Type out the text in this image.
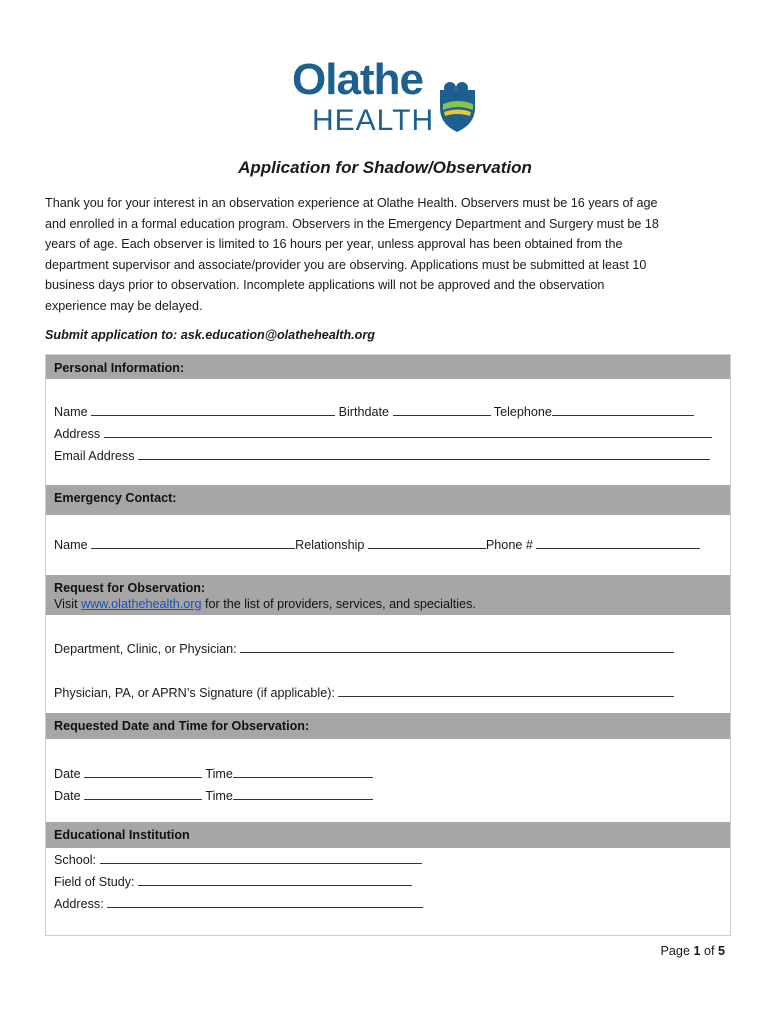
Olathe
HEALTH
Application for Shadow/Observation
Thank you for your interest in an observation experience at Olathe Health. Observers must be 16 years of age
and enrolled in a formal education program. Observers in the Emergency Department and Surgery must be 18
years of age. Each observer is limited to 16 hours per year, unless approval has been obtained from the
department supervisor and associate/provider you are observing. Applications must be submitted at least 10
business days prior to observation. Incomplete applications will not be approved and the observation
experience may be delayed.
Submit application to: ask.education@olathehealth.org
Personal Information:
Name	Birthdate	Telephone
Address
Email Address
Emergency Contact:
Name	Relationship	Phone #
Request for Observation:
Visit www.olathehealth.org for the list of providers, services, and specialties.
Department, Clinic, or Physician:
Physician, PA, or APRN’s Signature (if applicable):
Requested Date and Time for Observation:
Date	Time
Date	Time
Educational Institution
School:
Field of Study:
Address:
Page 1 of 5
